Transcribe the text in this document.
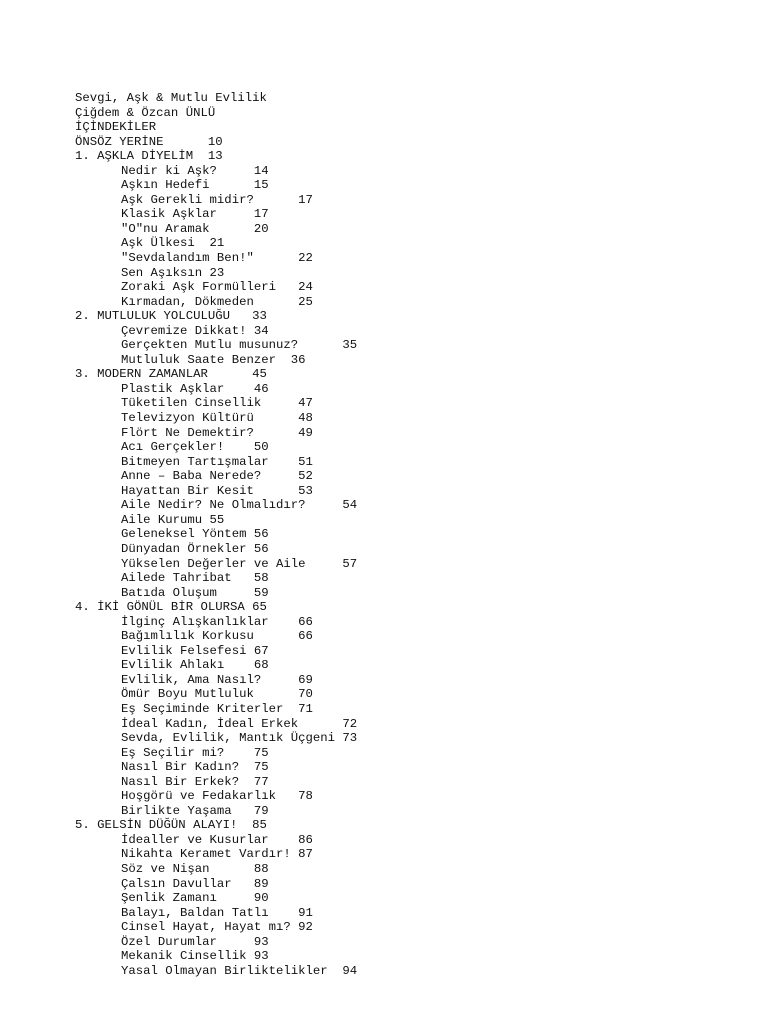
Sevgi, Aşk & Mutlu Evlilik
Çiğdem & Özcan ÜNLÜ
İÇİNDEKİLER
ÖNSÖZ YERİNE      10
1. AŞKLA DİYELİM  13
Nedir ki Aşk?     14
Aşkın Hedefi      15
Aşk Gerekli midir?      17
Klasik Aşklar     17
"O"nu Aramak      20
Aşk Ülkesi  21
"Sevdalandım Ben!"      22
Sen Aşıksın 23
Zoraki Aşk Formülleri   24
Kırmadan, Dökmeden      25
2. MUTLULUK YOLCULUĞU   33
Çevremize Dikkat! 34
Gerçekten Mutlu musunuz?      35
Mutluluk Saate Benzer  36
3. MODERN ZAMANLAR      45
Plastik Aşklar    46
Tüketilen Cinsellik     47
Televizyon Kültürü      48
Flört Ne Demektir?      49
Acı Gerçekler!    50
Bitmeyen Tartışmalar    51
Anne – Baba Nerede?     52
Hayattan Bir Kesit      53
Aile Nedir? Ne Olmalıdır?     54
Aile Kurumu 55
Geleneksel Yöntem 56
Dünyadan Örnekler 56
Yükselen Değerler ve Aile     57
Ailede Tahribat   58
Batıda Oluşum     59
4. İKİ GÖNÜL BİR OLURSA 65
İlginç Alışkanlıklar    66
Bağımlılık Korkusu      66
Evlilik Felsefesi 67
Evlilik Ahlakı    68
Evlilik, Ama Nasıl?     69
Ömür Boyu Mutluluk      70
Eş Seçiminde Kriterler  71
İdeal Kadın, İdeal Erkek      72
Sevda, Evlilik, Mantık Üçgeni 73
Eş Seçilir mi?    75
Nasıl Bir Kadın?  75
Nasıl Bir Erkek?  77
Hoşgörü ve Fedakarlık   78
Birlikte Yaşama   79
5. GELSİN DÜĞÜN ALAYI!  85
İdealler ve Kusurlar    86
Nikahta Keramet Vardır! 87
Söz ve Nişan      88
Çalsın Davullar   89
Şenlik Zamanı     90
Balayı, Baldan Tatlı    91
Cinsel Hayat, Hayat mı? 92
Özel Durumlar     93
Mekanik Cinsellik 93
Yasal Olmayan Birliktelikler  94
